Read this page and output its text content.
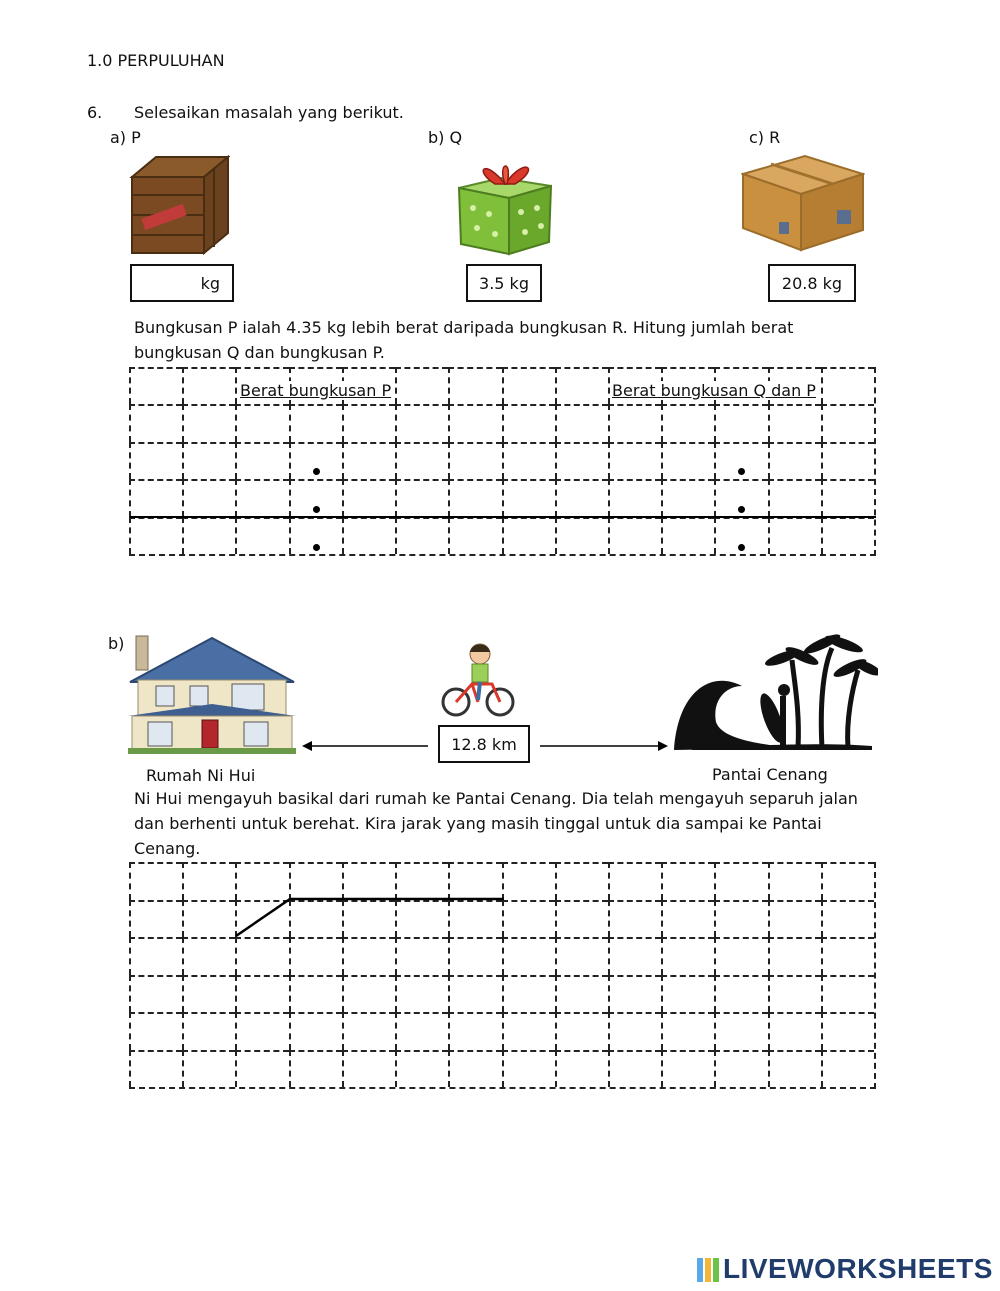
1.0 PERPULUHAN
6. Selesaikan masalah yang berikut.
a) P	b) Q	c) R
kg	3.5 kg	20.8 kg
Bungkusan P ialah 4.35 kg lebih berat daripada bungkusan R. Hitung jumlah berat
bungkusan Q dan bungkusan P.
Berat bungkusan P	Berat bungkusan Q dan P
b)
12.8 km
Rumah Ni Hui	Pantai Cenang
Ni Hui mengayuh basikal dari rumah ke Pantai Cenang. Dia telah mengayuh separuh jalan
dan berhenti untuk berehat. Kira jarak yang masih tinggal untuk dia sampai ke Pantai
Cenang.
LIVEWORKSHEETS
